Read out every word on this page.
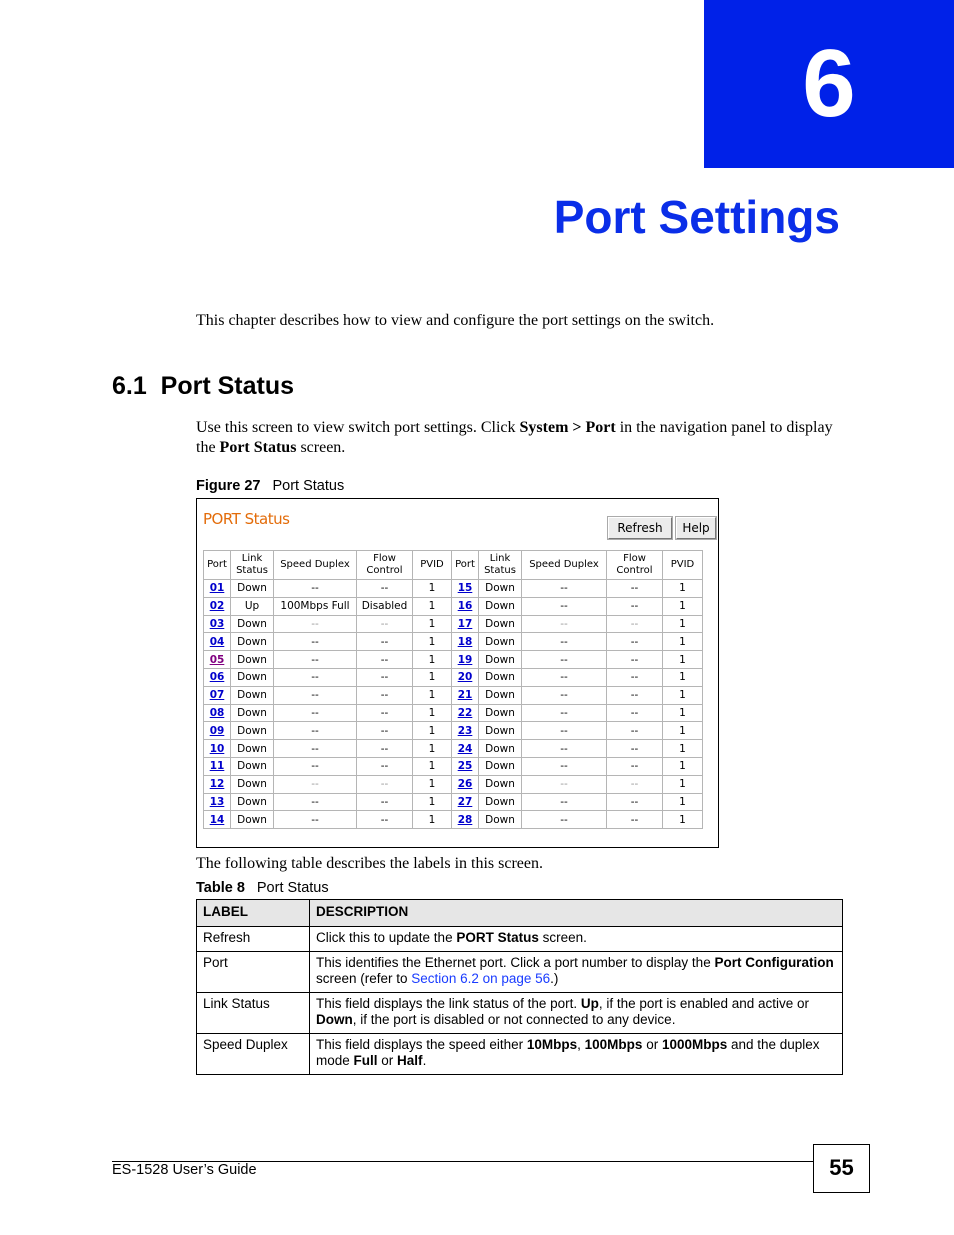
6
Port Settings
This chapter describes how to view and configure the port settings on the switch.
6.1 Port Status
Use this screen to view switch port settings. Click System > Port in the navigation panel to display the Port Status screen.
Figure 27 Port Status
PORT Status	Refresh	Help
Port	Link Status	Speed Duplex	Flow Control	PVID	Port	Link Status	Speed Duplex	Flow Control	PVID
01	Down	--	--	1	15	Down	--	--	1
02	Up	100Mbps Full	Disabled	1	16	Down	--	--	1
03	Down	--	--	1	17	Down	--	--	1
04	Down	--	--	1	18	Down	--	--	1
05	Down	--	--	1	19	Down	--	--	1
06	Down	--	--	1	20	Down	--	--	1
07	Down	--	--	1	21	Down	--	--	1
08	Down	--	--	1	22	Down	--	--	1
09	Down	--	--	1	23	Down	--	--	1
10	Down	--	--	1	24	Down	--	--	1
11	Down	--	--	1	25	Down	--	--	1
12	Down	--	--	1	26	Down	--	--	1
13	Down	--	--	1	27	Down	--	--	1
14	Down	--	--	1	28	Down	--	--	1
The following table describes the labels in this screen.
Table 8 Port Status
LABEL	DESCRIPTION
Refresh	Click this to update the PORT Status screen.
Port	This identifies the Ethernet port. Click a port number to display the Port Configuration screen (refer to Section 6.2 on page 56.)
Link Status	This field displays the link status of the port. Up, if the port is enabled and active or Down, if the port is disabled or not connected to any device.
Speed Duplex	This field displays the speed either 10Mbps, 100Mbps or 1000Mbps and the duplex mode Full or Half.
ES-1528 User’s Guide	55
